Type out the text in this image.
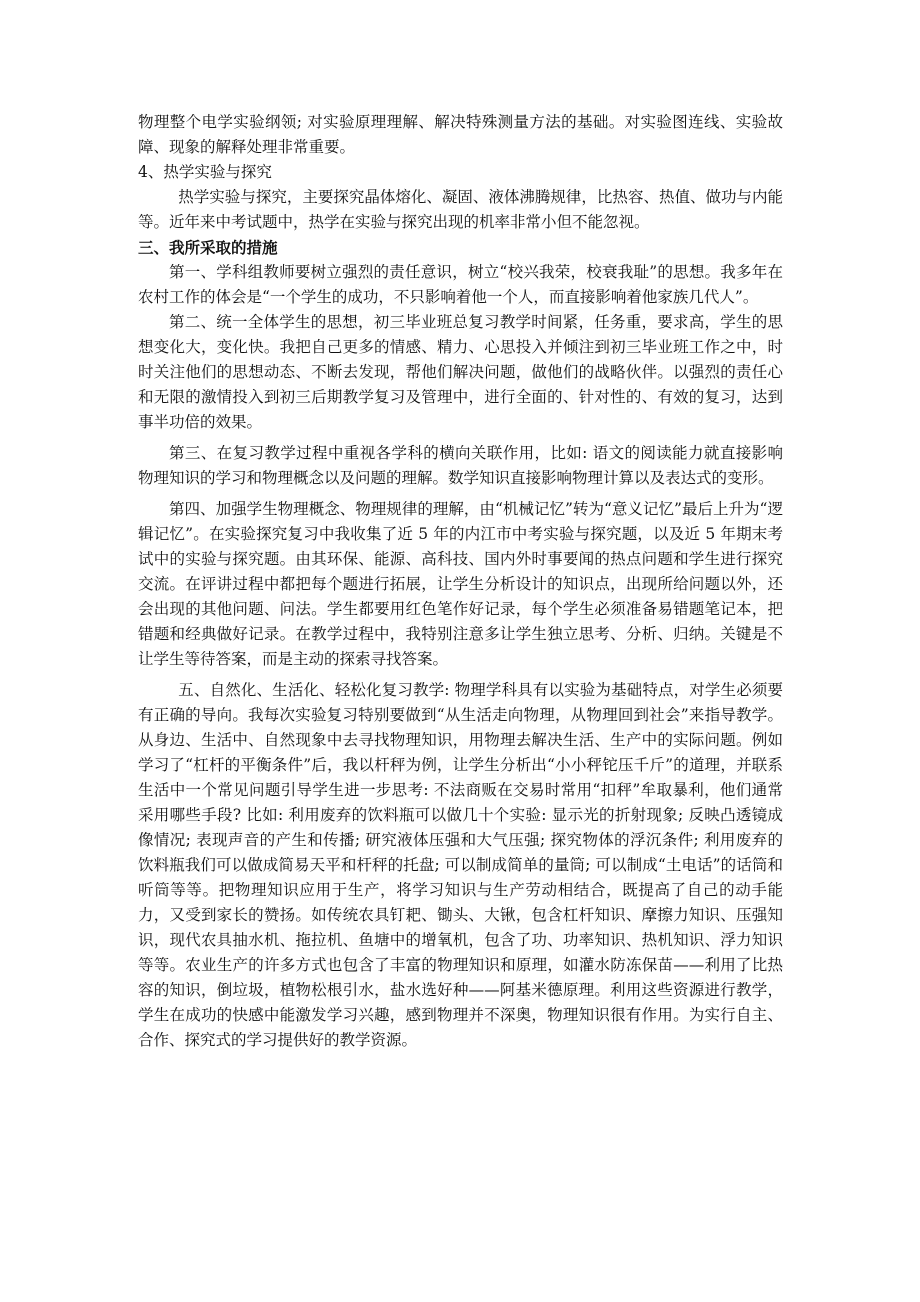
物理整个电学实验纲领; 对实验原理理解、解决特殊测量方法的基础。对实验图连线、实验故障、现象的解释处理非常重要。

4、热学实验与探究

热学实验与探究，主要探究晶体熔化、凝固、液体沸腾规律，比热容、热值、做功与内能等。近年来中考试题中，热学在实验与探究出现的机率非常小但不能忽视。

三、我所采取的措施

第一、学科组教师要树立强烈的责任意识，树立“校兴我荣，校衰我耻”的思想。我多年在农村工作的体会是“一个学生的成功，不只影响着他一个人，而直接影响着他家族几代人”。

第二、统一全体学生的思想，初三毕业班总复习教学时间紧，任务重，要求高，学生的思想变化大，变化快。我把自己更多的情感、精力、心思投入并倾注到初三毕业班工作之中，时时关注他们的思想动态、不断去发现，帮他们解决问题，做他们的战略伙伴。以强烈的责任心和无限的激情投入到初三后期教学复习及管理中，进行全面的、针对性的、有效的复习，达到事半功倍的效果。

第三、在复习教学过程中重视各学科的横向关联作用，比如: 语文的阅读能力就直接影响物理知识的学习和物理概念以及问题的理解。数学知识直接影响物理计算以及表达式的变形。

第四、加强学生物理概念、物理规律的理解，由“机械记忆”转为“意义记忆”最后上升为“逻辑记忆”。在实验探究复习中我收集了近 5 年的内江市中考实验与探究题，以及近 5 年期末考试中的实验与探究题。由其环保、能源、高科技、国内外时事要闻的热点问题和学生进行探究交流。在评讲过程中都把每个题进行拓展，让学生分析设计的知识点，出现所给问题以外，还会出现的其他问题、问法。学生都要用红色笔作好记录，每个学生必须准备易错题笔记本，把错题和经典做好记录。在教学过程中，我特别注意多让学生独立思考、分析、归纳。关键是不让学生等待答案，而是主动的探索寻找答案。

五、自然化、生活化、轻松化复习教学: 物理学科具有以实验为基础特点，对学生必须要有正确的导向。我每次实验复习特别要做到“从生活走向物理，从物理回到社会”来指导教学。从身边、生活中、自然现象中去寻找物理知识，用物理去解决生活、生产中的实际问题。例如学习了“杠杆的平衡条件”后，我以杆秤为例，让学生分析出“小小秤铊压千斤”的道理，并联系生活中一个常见问题引导学生进一步思考: 不法商贩在交易时常用“扣秤”牟取暴利，他们通常采用哪些手段? 比如: 利用废弃的饮料瓶可以做几十个实验: 显示光的折射现象; 反映凸透镜成像情况; 表现声音的产生和传播; 研究液体压强和大气压强; 探究物体的浮沉条件; 利用废弃的饮料瓶我们可以做成简易天平和杆秤的托盘; 可以制成简单的量筒; 可以制成“土电话”的话筒和听筒等等。把物理知识应用于生产，将学习知识与生产劳动相结合，既提高了自己的动手能力，又受到家长的赞扬。如传统农具钉耙、锄头、大锹，包含杠杆知识、摩擦力知识、压强知识，现代农具抽水机、拖拉机、鱼塘中的增氧机，包含了功、功率知识、热机知识、浮力知识等等。农业生产的许多方式也包含了丰富的物理知识和原理，如灌水防冻保苗——利用了比热容的知识，倒垃圾，植物松根引水，盐水选好种——阿基米德原理。利用这些资源进行教学，学生在成功的快感中能激发学习兴趣，感到物理并不深奥，物理知识很有作用。为实行自主、合作、探究式的学习提供好的教学资源。
